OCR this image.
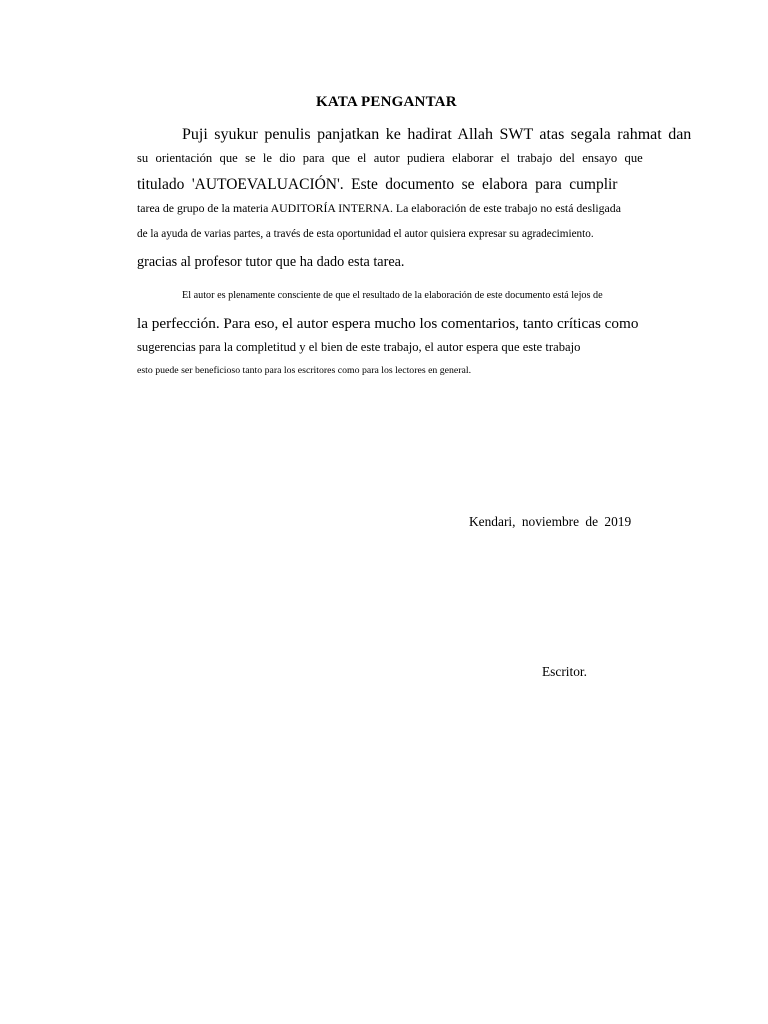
KATA PENGANTAR
Puji syukur penulis panjatkan ke hadirat Allah SWT atas segala rahmat dan
su orientación que se le dio para que el autor pudiera elaborar el trabajo del ensayo que
titulado 'AUTOEVALUACIÓN'. Este documento se elabora para cumplir
tarea de grupo de la materia AUDITORÍA INTERNA. La elaboración de este trabajo no está desligada
de la ayuda de varias partes, a través de esta oportunidad el autor quisiera expresar su agradecimiento.
gracias al profesor tutor que ha dado esta tarea.
El autor es plenamente consciente de que el resultado de la elaboración de este documento está lejos de
la perfección. Para eso, el autor espera mucho los comentarios, tanto críticas como
sugerencias para la completitud y el bien de este trabajo, el autor espera que este trabajo
esto puede ser beneficioso tanto para los escritores como para los lectores en general.
Kendari, noviembre de 2019
Escritor.
